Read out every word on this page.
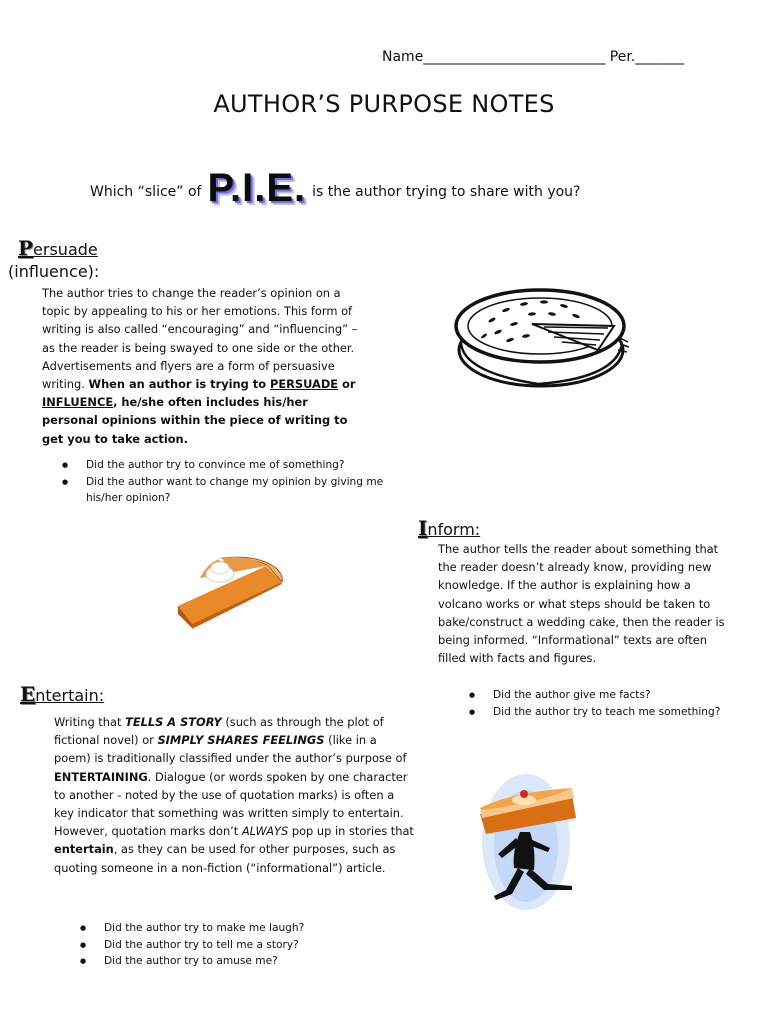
Name__________________________ Per._______
AUTHOR’S PURPOSE NOTES
Which “slice” of P.I.E. is the author trying to share with you?
Persuade
(influence):
The author tries to change the reader’s opinion on a topic by appealing to his or her emotions. This form of writing is also called “encouraging” and “influencing” – as the reader is being swayed to one side or the other. Advertisements and flyers are a form of persuasive writing. When an author is trying to PERSUADE or INFLUENCE, he/she often includes his/her personal opinions within the piece of writing to get you to take action.
● Did the author try to convince me of something?
● Did the author want to change my opinion by giving me his/her opinion?
Inform:
The author tells the reader about something that the reader doesn’t already know, providing new knowledge. If the author is explaining how a volcano works or what steps should be taken to bake/construct a wedding cake, then the reader is being informed. “Informational” texts are often filled with facts and figures.
● Did the author give me facts?
● Did the author try to teach me something?
Entertain:
Writing that TELLS A STORY (such as through the plot of fictional novel) or SIMPLY SHARES FEELINGS (like in a poem) is traditionally classified under the author’s purpose of ENTERTAINING. Dialogue (or words spoken by one character to another - noted by the use of quotation marks) is often a key indicator that something was written simply to entertain. However, quotation marks don’t ALWAYS pop up in stories that entertain, as they can be used for other purposes, such as quoting someone in a non-fiction (“informational”) article.
● Did the author try to make me laugh?
● Did the author try to tell me a story?
● Did the author try to amuse me?
